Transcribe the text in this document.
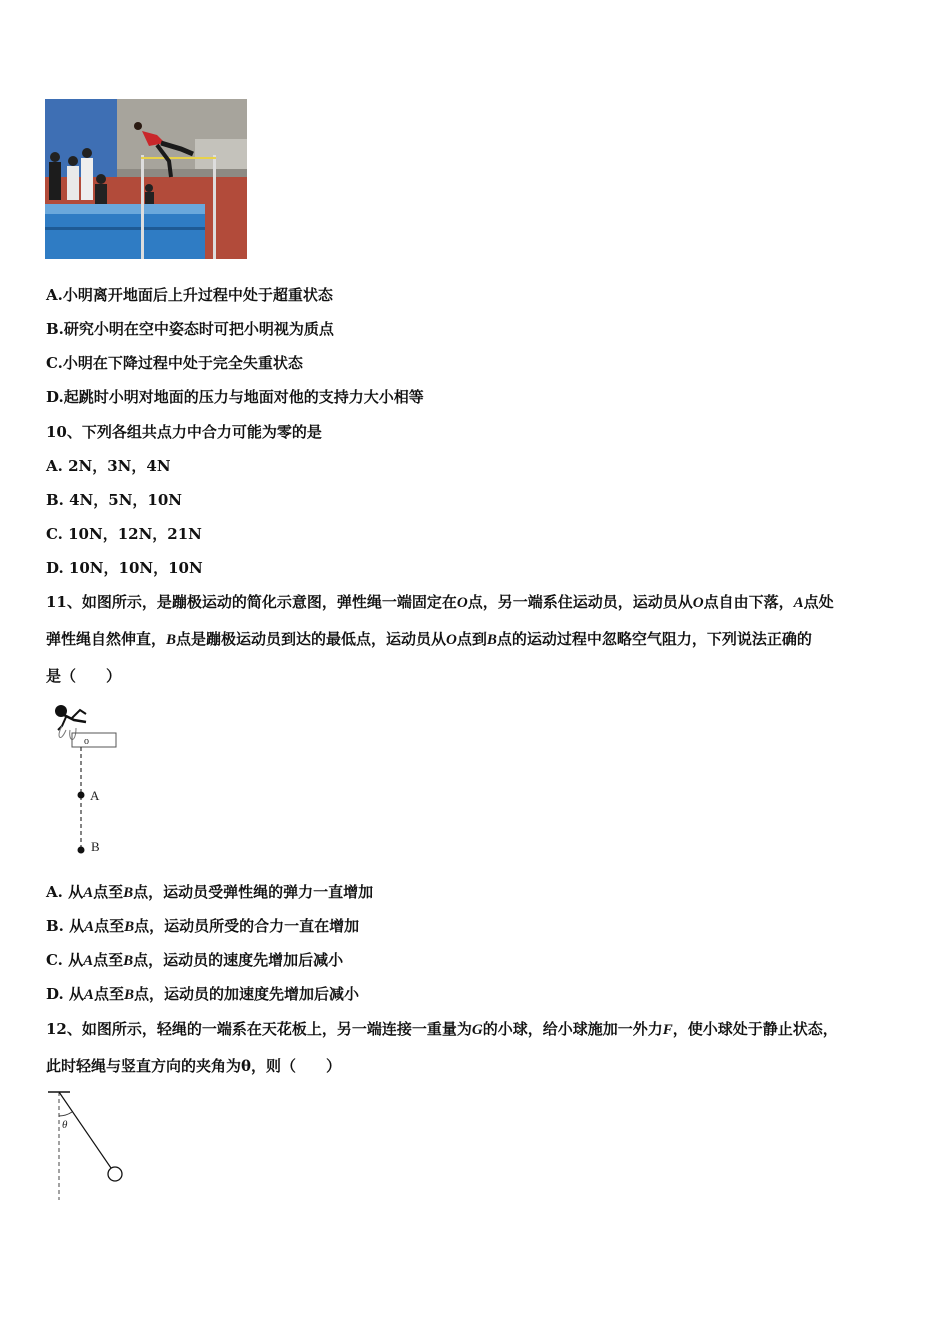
A.小明离开地面后上升过程中处于超重状态
B.研究小明在空中姿态时可把小明视为质点
C.小明在下降过程中处于完全失重状态
D.起跳时小明对地面的压力与地面对他的支持力大小相等
10、下列各组共点力中合力可能为零的是
A. 2N，3N，4N
B. 4N，5N，10N
C. 10N，12N，21N
D. 10N，10N，10N
11、如图所示，是蹦极运动的简化示意图，弹性绳一端固定在O点，另一端系住运动员，运动员从O点自由下落，A点处
弹性绳自然伸直，B点是蹦极运动员到达的最低点，运动员从O点到B点的运动过程中忽略空气阻力，下列说法正确的
是（　　）
o
A
B
A. 从A点至B点，运动员受弹性绳的弹力一直增加
B. 从A点至B点，运动员所受的合力一直在增加
C. 从A点至B点，运动员的速度先增加后减小
D. 从A点至B点，运动员的加速度先增加后减小
12、如图所示，轻绳的一端系在天花板上，另一端连接一重量为G的小球，给小球施加一外力F，使小球处于静止状态，
此时轻绳与竖直方向的夹角为θ，则（　　）
θ
